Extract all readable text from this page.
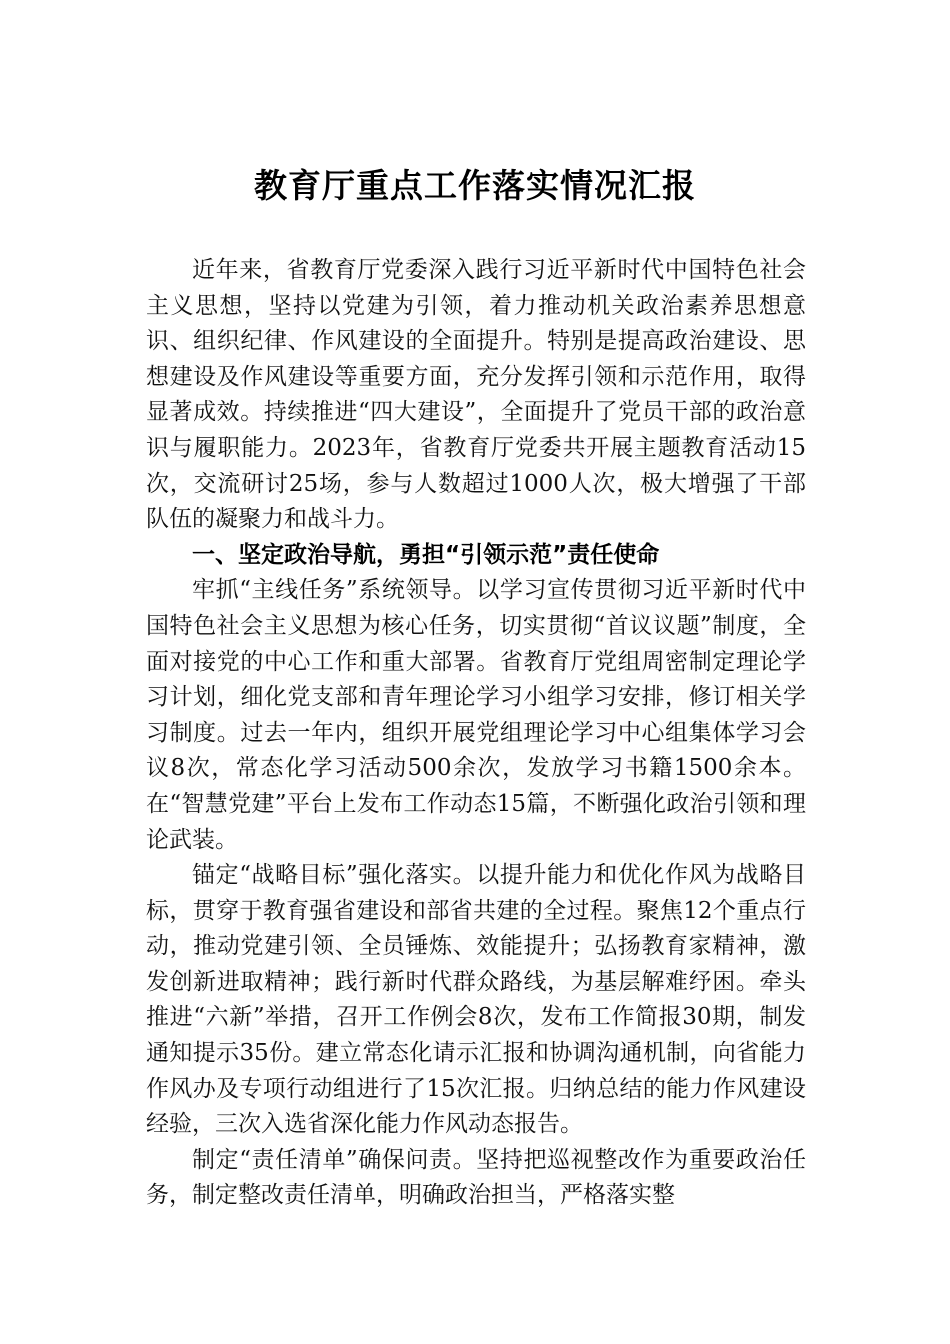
教育厅重点工作落实情况汇报

近年来，省教育厅党委深入践行习近平新时代中国特色社会主义思想，坚持以党建为引领，着力推动机关政治素养思想意识、组织纪律、作风建设的全面提升。特别是提高政治建设、思想建设及作风建设等重要方面，充分发挥引领和示范作用，取得显著成效。持续推进“四大建设”，全面提升了党员干部的政治意识与履职能力。2023年，省教育厅党委共开展主题教育活动15次，交流研讨25场，参与人数超过1000人次，极大增强了干部队伍的凝聚力和战斗力。

一、坚定政治导航，勇担“引领示范”责任使命

牢抓“主线任务”系统领导。以学习宣传贯彻习近平新时代中国特色社会主义思想为核心任务，切实贯彻“首议议题”制度，全面对接党的中心工作和重大部署。省教育厅党组周密制定理论学习计划，细化党支部和青年理论学习小组学习安排，修订相关学习制度。过去一年内，组织开展党组理论学习中心组集体学习会议8次，常态化学习活动500余次，发放学习书籍1500余本。在“智慧党建”平台上发布工作动态15篇，不断强化政治引领和理论武装。

锚定“战略目标”强化落实。以提升能力和优化作风为战略目标，贯穿于教育强省建设和部省共建的全过程。聚焦12个重点行动，推动党建引领、全员锤炼、效能提升；弘扬教育家精神，激发创新进取精神；践行新时代群众路线，为基层解难纾困。牵头推进“六新”举措，召开工作例会8次，发布工作简报30期，制发通知提示35份。建立常态化请示汇报和协调沟通机制，向省能力作风办及专项行动组进行了15次汇报。归纳总结的能力作风建设经验，三次入选省深化能力作风动态报告。

制定“责任清单”确保问责。坚持把巡视整改作为重要政治任务，制定整改责任清单，明确政治担当，严格落实整
